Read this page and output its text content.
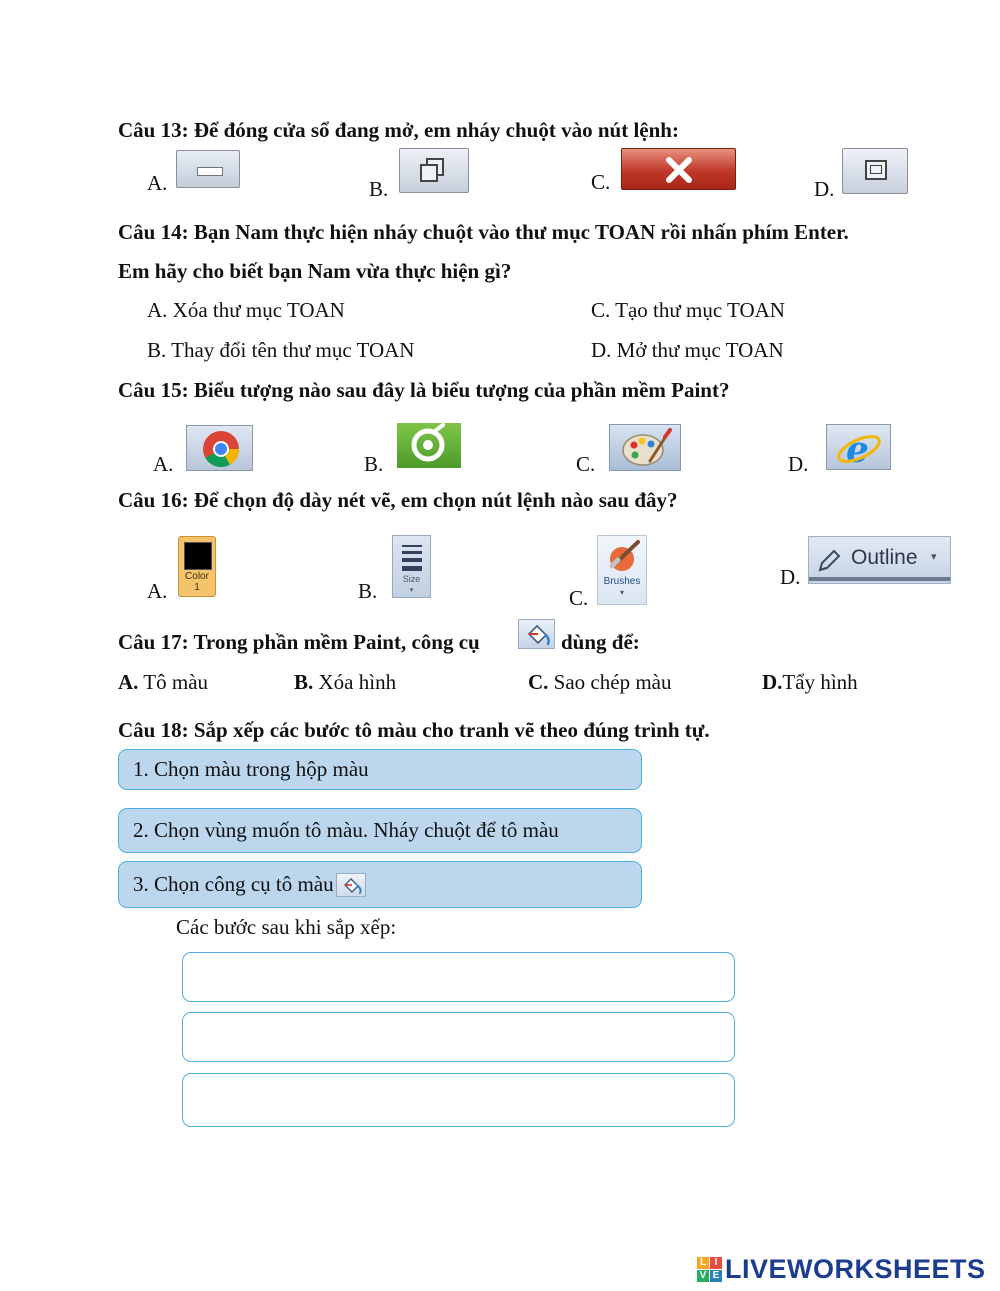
Câu 13: Để đóng cửa sổ đang mở, em nháy chuột vào nút lệnh:
A.	B.	C.	D.
Câu 14: Bạn Nam thực hiện nháy chuột vào thư mục TOAN rồi nhấn phím Enter.
Em hãy cho biết bạn Nam vừa thực hiện gì?
A. Xóa thư mục TOAN	C. Tạo thư mục TOAN
B. Thay đổi tên thư mục TOAN	D. Mở thư mục TOAN
Câu 15: Biểu tượng nào sau đây là biểu tượng của phần mềm Paint?
A.	B.	C.	D. e
Câu 16: Để chọn độ dày nét vẽ, em chọn nút lệnh nào sau đây?
A.
Color
1	B.	Size
▾	C.
Brushes
▾
D.
Outline ▾
Câu 17: Trong phần mềm Paint, công cụ	dùng để:
A. Tô màu	B. Xóa hình	C. Sao chép màu	D.Tẩy hình
Câu 18: Sắp xếp các bước tô màu cho tranh vẽ theo đúng trình tự.
1. Chọn màu trong hộp màu
2. Chọn vùng muốn tô màu. Nháy chuột để tô màu
3. Chọn công cụ tô màu
Các bước sau khi sắp xếp:
L I
V E LIVEWORKSHEETS
